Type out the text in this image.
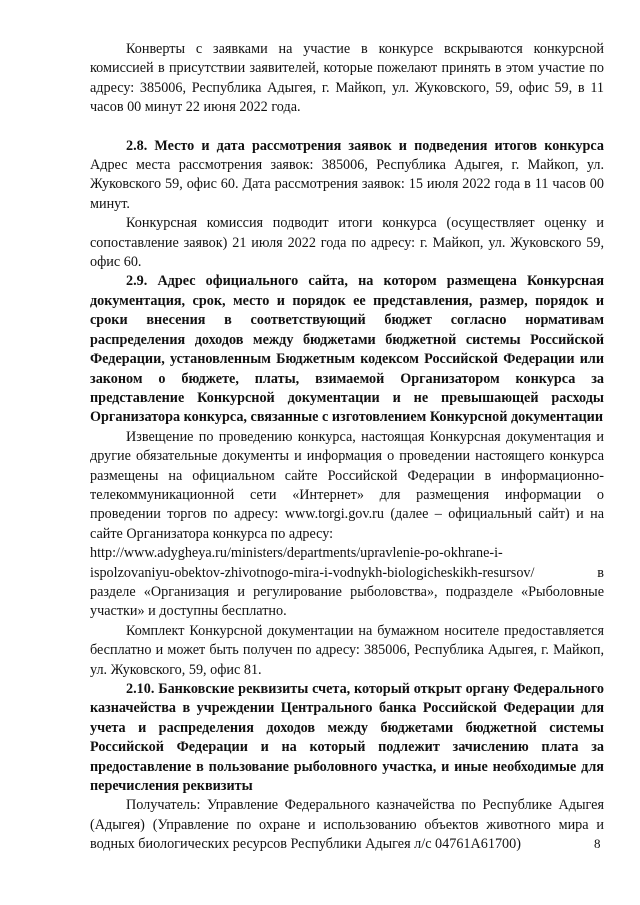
Конверты с заявками на участие в конкурсе вскрываются конкурсной комиссией в присутствии заявителей, которые пожелают принять в этом участие по адресу: 385006, Республика Адыгея, г. Майкоп, ул. Жуковского, 59, офис 59, в 11 часов 00 минут 22 июня 2022 года.

2.8. Место и дата рассмотрения заявок и подведения итогов конкурса Адрес места рассмотрения заявок: 385006, Республика Адыгея, г. Майкоп, ул. Жуковского 59, офис 60. Дата рассмотрения заявок: 15 июля 2022 года в 11 часов 00 минут.

Конкурсная комиссия подводит итоги конкурса (осуществляет оценку и сопоставление заявок) 21 июля 2022 года по адресу: г. Майкоп, ул. Жуковского 59, офис 60.

2.9. Адрес официального сайта, на котором размещена Конкурсная документация, срок, место и порядок ее представления, размер, порядок и сроки внесения в соответствующий бюджет согласно нормативам распределения доходов между бюджетами бюджетной системы Российской Федерации, установленным Бюджетным кодексом Российской Федерации или законом о бюджете, платы, взимаемой Организатором конкурса за представление Конкурсной документации и не превышающей расходы Организатора конкурса, связанные с изготовлением Конкурсной документации

Извещение по проведению конкурса, настоящая Конкурсная документация и другие обязательные документы и информация о проведении настоящего конкурса размещены на официальном сайте Российской Федерации в информационно-телекоммуникационной сети «Интернет» для размещения информации о проведении торгов по адресу: www.torgi.gov.ru (далее – официальный сайт) и на сайте Организатора конкурса по адресу:

http://www.adygheya.ru/ministers/departments/upravlenie-po-okhrane-i-

ispolzovaniyu-obektov-zhivotnogo-mira-i-vodnykh-biologicheskikh-resursov/	в

разделе «Организация и регулирование рыболовства», подразделе «Рыболовные участки» и доступны бесплатно.

Комплект Конкурсной документации на бумажном носителе предоставляется бесплатно и может быть получен по адресу: 385006, Республика Адыгея, г. Майкоп, ул. Жуковского, 59, офис 81.

2.10. Банковские реквизиты счета, который открыт органу Федерального казначейства в учреждении Центрального банка Российской Федерации для учета и распределения доходов между бюджетами бюджетной системы Российской Федерации и на который подлежит зачислению плата за предоставление в пользование рыболовного участка, и иные необходимые для перечисления реквизиты

Получатель: Управление Федерального казначейства по Республике Адыгея (Адыгея) (Управление по охране и использованию объектов животного мира и водных биологических ресурсов Республики Адыгея л/с 04761А61700)	8
